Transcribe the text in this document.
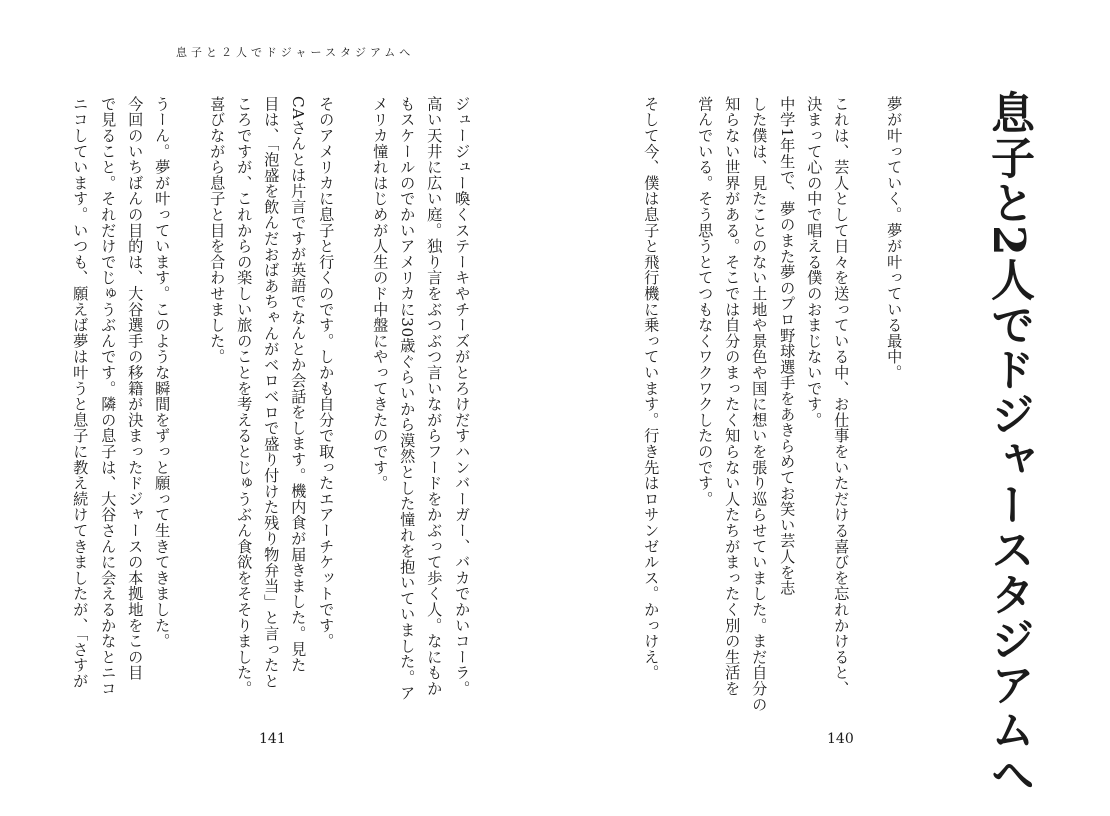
息子と２人でドジャースタジアムへ
ジュージュー喚くステーキやチーズがとろけだすハンバーガー、バカでかいコーラ。
高い天井に広い庭。独り言をぶつぶつ言いながらフードをかぶって歩く人。なにもか
もスケールのでかいアメリカに30歳ぐらいから漠然とした憧れを抱いていました。ア
メリカ憧れはじめが人生のド中盤にやってきたのです。
そのアメリカに息子と行くのです。しかも自分で取ったエアーチケットです。
CAさんとは片言ですが英語でなんとか会話をします。機内食が届きました。見た
目は、「泡盛を飲んだおばあちゃんがベロベロで盛り付けた残り物弁当」と言ったと
ころですが、これからの楽しい旅のことを考えるとじゅうぶん食欲をそそりました。
喜びながら息子と目を合わせました。
うーん。夢が叶っています。このような瞬間をずっと願って生きてきました。
今回のいちばんの目的は、大谷選手の移籍が決まったドジャースの本拠地をこの目
で見ること。それだけでじゅうぶんです。隣の息子は、大谷さんに会えるかなとニコ
ニコしています。いつも、願えば夢は叶うと息子に教え続けてきましたが、「さすが
141	息子と2人でドジャースタジアムへ
夢が叶っていく。夢が叶っている最中。
これは、芸人として日々を送っている中、お仕事をいただける喜びを忘れかけると、
決まって心の中で唱える僕のおまじないです。
中学1年生で、夢のまた夢のプロ野球選手をあきらめてお笑い芸人を志
した僕は、見たことのない土地や景色や国に想いを張り巡らせていました。まだ自分の
知らない世界がある。そこでは自分のまったく知らない人たちがまったく別の生活を
営んでいる。そう思うとてつもなくワクワクしたのです。
そして今、僕は息子と飛行機に乗っています。行き先はロサンゼルス。かっけえ。
140
